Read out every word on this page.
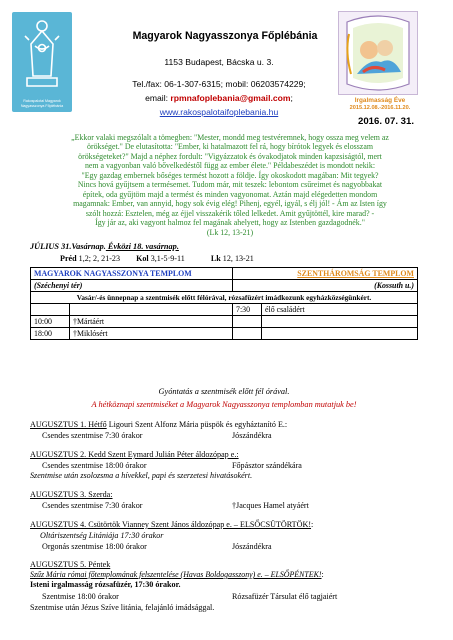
Rakospalotai Magyarok Nagyasszonya Főplébánia
Magyarok Nagyasszonya Főplébánia
1153 Budapest, Bácska u. 3.
Tel./fax: 06-1-307-6315; mobil: 06203574229;
email: rpmnafoplebania@gmail.com;
www.rakospalotaifoplebania.hu
Irgalmasság Éve
2015.12.08.-2016.11.20.
2016. 07. 31.

„Ekkor valaki megszólalt a tömegben: "Mester, mondd meg testvéremnek, hogy ossza meg velem az

örökséget." De elutasította: "Ember, ki hatalmazott fel rá, hogy bírótok legyek és elosszam

örökségeteket?" Majd a néphez fordult: "Vigyázzatok és óvakodjatok minden kapzsiságtól, mert

nem a vagyonban való bővelkedéstől függ az ember élete." Példabeszédet is mondott nekik:

"Egy gazdag embernek bőséges termést hozott a földje. Így okoskodott magában: Mit tegyek?

Nincs hová gyűjtsem a termésemet. Tudom már, mit teszek: lebontom csűreimet és nagyobbakat

építek, oda gyűjtöm majd a termést és minden vagyonomat. Aztán majd elégedetten mondom

magamnak: Ember, van annyid, hogy sok évig elég! Pihenj, egyél, igyál, s élj jól! - Ám az Isten így

szólt hozzá: Esztelen, még az éjjel visszakérik tőled lelkedet. Amit gyűjtöttél, kire marad? -

Így jár az, aki vagyont halmoz fel magának ahelyett, hogy az Istenben gazdagodnék."

(Lk 12, 13-21)

JÚLIUS 31.Vasárnap. Évközi 18. vasárnap.
Préd 1,2; 2, 21-23 Kol 3,1-5·9-11	Lk 12, 13-21
MAGYAROK NAGYASSZONYA TEMPLOM		SZENTHÁROMSÁG TEMPLOM	
(Széchenyi tér)		(Kossuth u.)	
Vasár/-és ünnepnap a szentmisék előtt félórával, rózsafüzért imádkozunk egyházközségünkért.			
		7:30	élő családért
10:00	†Mártáért		
18:00	†Miklósért		
Gyóntatás a szentmisék előtt fél órával.
A hétköznapi szentmiséket a Magyarok Nagyasszonya templomban mutatjuk be!
AUGUSZTUS 1. Hétfő Ligouri Szent Alfonz Mária püspök és egyháztanító E.:
Csendes szentmise 7:30 órakor	Jószándékra
AUGUSZTUS 2. Kedd Szent Eymard Julián Péter áldozópap e.:
Csendes szentmise 18:00 órakor	Főpásztor szándékára
Szentmise után zsolozsma a hívekkel, papi és szerzetesi hivatásokért.
AUGUSZTUS 3. Szerda:
Csendes szentmise 7:30 órakor	†Jacques Hamel atyáért
AUGUSZTUS 4. Csütörtök Vianney Szent János áldozópap e. – ELSŐCSÜTÖRTÖK!:
Oltáriszentség Litániája 17:30 órakor
Orgonás szentmise 18:00 órakor	Jószándékra
AUGUSZTUS 5. Péntek
Szűz Mária római főtemplomának felszentelése (Havas Boldogasszony) e. – ELSŐPÉNTEK!:
Isteni irgalmasság rózsafüzér, 17:30 órakor.
Szentmise 18:00 órakor	Rózsafüzér Társulat élő tagjaiért
Szentmise után Jézus Szíve litánia, felajánló imádsággal.
